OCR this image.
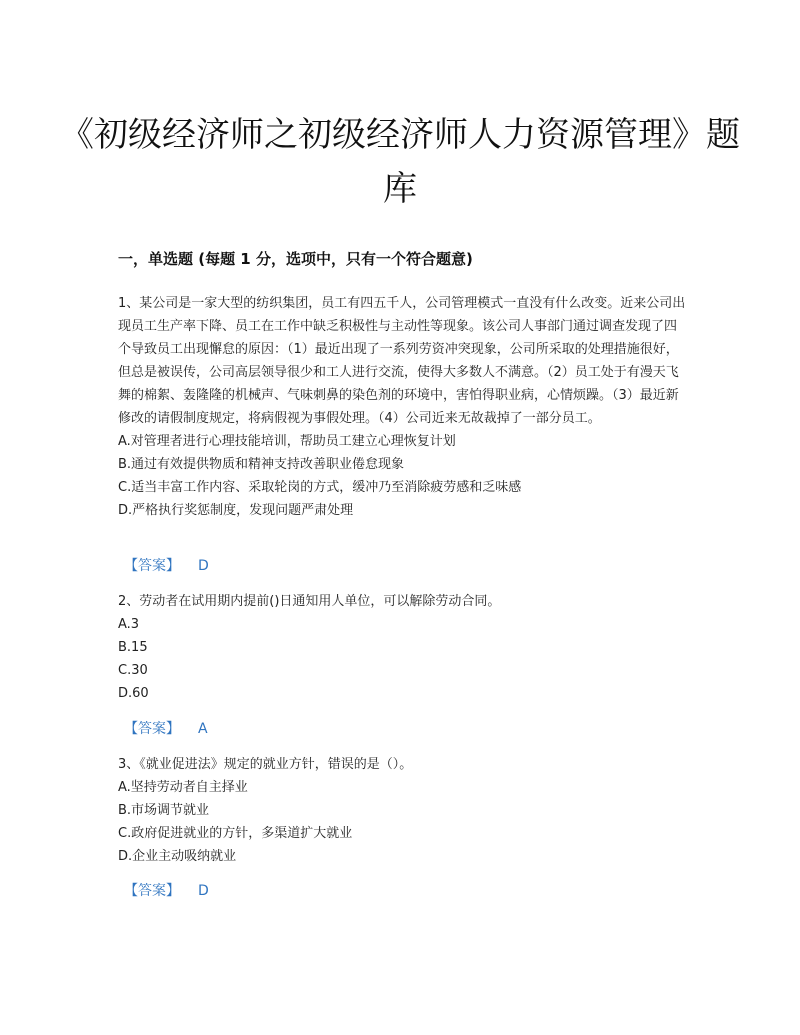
《初级经济师之初级经济师人力资源管理》题库
一，单选题 (每题 1 分，选项中，只有一个符合题意)

1、某公司是一家大型的纺织集团，员工有四五千人，公司管理模式一直没有什么改变。近来公司出现员工生产率下降、员工在工作中缺乏积极性与主动性等现象。该公司人事部门通过调查发现了四个导致员工出现懈怠的原因：（1）最近出现了一系列劳资冲突现象，公司所采取的处理措施很好，但总是被误传，公司高层领导很少和工人进行交流，使得大多数人不满意。（2）员工处于有漫天飞舞的棉絮、轰隆隆的机械声、气味刺鼻的染色剂的环境中，害怕得职业病，心情烦躁。（3）最近新修改的请假制度规定，将病假视为事假处理。（4）公司近来无故裁掉了一部分员工。

A.对管理者进行心理技能培训，帮助员工建立心理恢复计划

B.通过有效提供物质和精神支持改善职业倦怠现象

C.适当丰富工作内容、采取轮岗的方式，缓冲乃至消除疲劳感和乏味感

D.严格执行奖惩制度，发现问题严肃处理

【答案】 D

2、劳动者在试用期内提前()日通知用人单位，可以解除劳动合同。

A.3

B.15

C.30

D.60

【答案】 A

3、《就业促进法》规定的就业方针，错误的是（）。

A.坚持劳动者自主择业

B.市场调节就业

C.政府促进就业的方针，多渠道扩大就业

D.企业主动吸纳就业

【答案】 D
